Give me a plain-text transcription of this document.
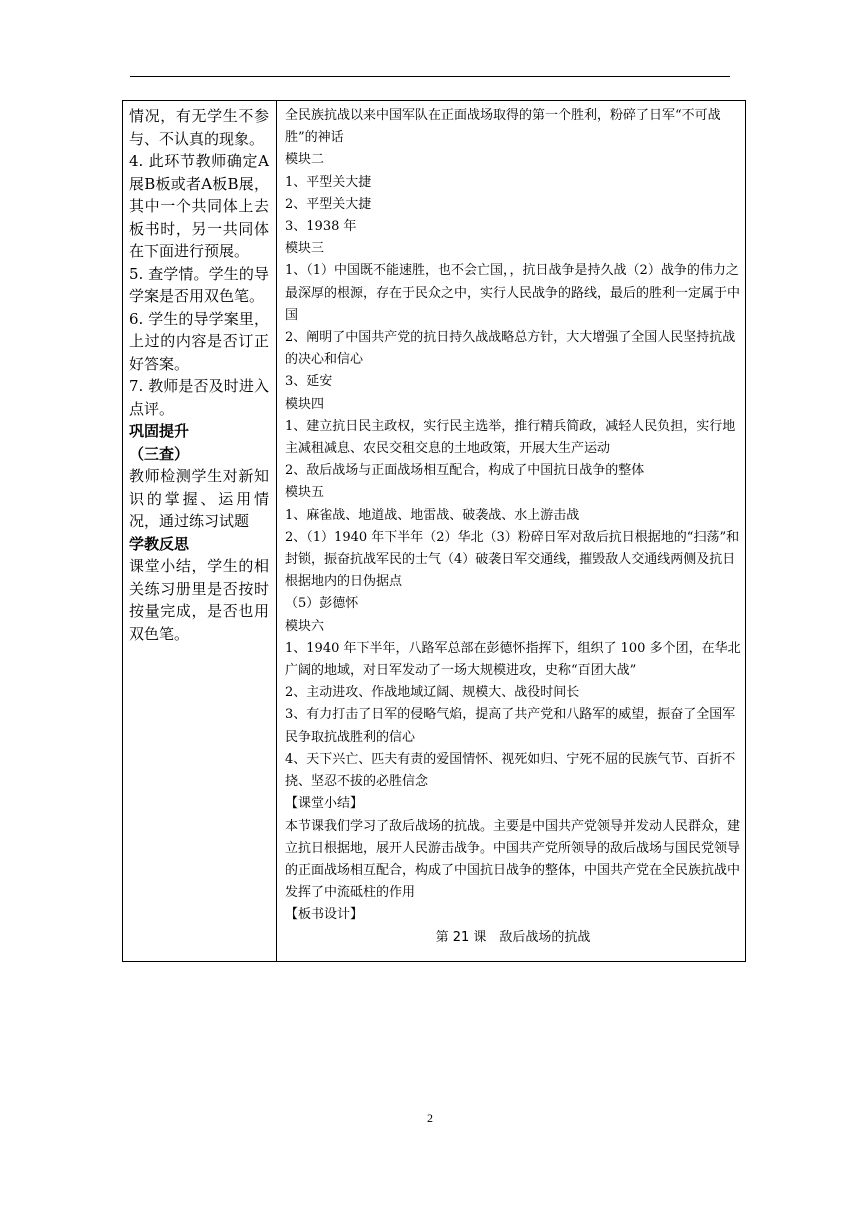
情况，有无学生不参与、不认真的现象。
4. 此环节教师确定A展B板或者A板B展，其中一个共同体上去板书时，另一共同体在下面进行预展。
5. 查学情。学生的导学案是否用双色笔。
6. 学生的导学案里，上过的内容是否订正好答案。
7. 教师是否及时进入点评。
巩固提升
（三查）
教师检测学生对新知识的掌握、运用情况，通过练习试题
学教反思
课堂小结，学生的相关练习册里是否按时按量完成，是否也用双色笔。
全民族抗战以来中国军队在正面战场取得的第一个胜利，粉碎了日军“不可战胜”的神话
模块二
1、平型关大捷
2、平型关大捷
3、1938 年
模块三
1、（1）中国既不能速胜，也不会亡国，，抗日战争是持久战（2）战争的伟力之最深厚的根源，存在于民众之中，实行人民战争的路线，最后的胜利一定属于中国
2、阐明了中国共产党的抗日持久战战略总方针，大大增强了全国人民坚持抗战的决心和信心
3、延安
模块四
1、建立抗日民主政权，实行民主选举，推行精兵简政，减轻人民负担，实行地主减租减息、农民交租交息的土地政策，开展大生产运动
2、敌后战场与正面战场相互配合，构成了中国抗日战争的整体
模块五
1、麻雀战、地道战、地雷战、破袭战、水上游击战
2、（1）1940 年下半年（2）华北（3）粉碎日军对敌后抗日根据地的“扫荡”和封锁，振奋抗战军民的士气（4）破袭日军交通线，摧毁敌人交通线两侧及抗日根据地内的日伪据点
（5）彭德怀
模块六
1、1940 年下半年，八路军总部在彭德怀指挥下，组织了 100 多个团，在华北广阔的地域，对日军发动了一场大规模进攻，史称“百团大战”
2、主动进攻、作战地域辽阔、规模大、战役时间长
3、有力打击了日军的侵略气焰，提高了共产党和八路军的威望，振奋了全国军民争取抗战胜利的信心
4、天下兴亡、匹夫有责的爱国情怀、视死如归、宁死不屈的民族气节、百折不挠、坚忍不拔的必胜信念
【课堂小结】
本节课我们学习了敌后战场的抗战。主要是中国共产党领导并发动人民群众，建立抗日根据地，展开人民游击战争。中国共产党所领导的敌后战场与国民党领导的正面战场相互配合，构成了中国抗日战争的整体，中国共产党在全民族抗战中发挥了中流砥柱的作用
【板书设计】
第 21 课　敌后战场的抗战
2
